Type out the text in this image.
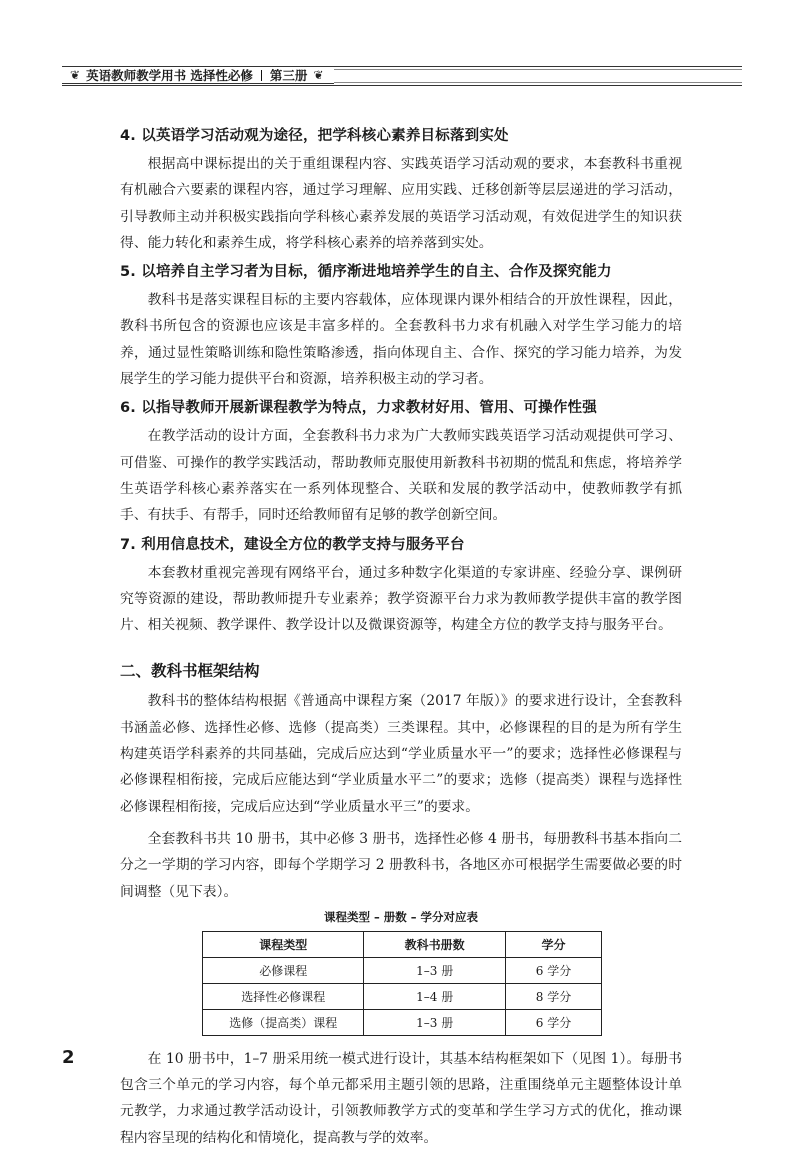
❦ 英语教师教学用书 选择性必修 第三册 ❦
4. 以英语学习活动观为途径，把学科核心素养目标落到实处

根据高中课标提出的关于重组课程内容、实践英语学习活动观的要求，本套教科书重视有机融合六要素的课程内容，通过学习理解、应用实践、迁移创新等层层递进的学习活动，引导教师主动并积极实践指向学科核心素养发展的英语学习活动观，有效促进学生的知识获得、能力转化和素养生成，将学科核心素养的培养落到实处。

5. 以培养自主学习者为目标，循序渐进地培养学生的自主、合作及探究能力

教科书是落实课程目标的主要内容载体，应体现课内课外相结合的开放性课程，因此，教科书所包含的资源也应该是丰富多样的。全套教科书力求有机融入对学生学习能力的培养，通过显性策略训练和隐性策略渗透，指向体现自主、合作、探究的学习能力培养，为发展学生的学习能力提供平台和资源，培养积极主动的学习者。

6. 以指导教师开展新课程教学为特点，力求教材好用、管用、可操作性强

在教学活动的设计方面，全套教科书力求为广大教师实践英语学习活动观提供可学习、可借鉴、可操作的教学实践活动，帮助教师克服使用新教科书初期的慌乱和焦虑，将培养学生英语学科核心素养落实在一系列体现整合、关联和发展的教学活动中，使教师教学有抓手、有扶手、有帮手，同时还给教师留有足够的教学创新空间。

7. 利用信息技术，建设全方位的教学支持与服务平台

本套教材重视完善现有网络平台，通过多种数字化渠道的专家讲座、经验分享、课例研究等资源的建设，帮助教师提升专业素养；教学资源平台力求为教师教学提供丰富的教学图片、相关视频、教学课件、教学设计以及微课资源等，构建全方位的教学支持与服务平台。

二、教科书框架结构

教科书的整体结构根据《普通高中课程方案（2017 年版）》的要求进行设计，全套教科书涵盖必修、选择性必修、选修（提高类）三类课程。其中，必修课程的目的是为所有学生构建英语学科素养的共同基础，完成后应达到“学业质量水平一”的要求；选择性必修课程与必修课程相衔接，完成后应能达到“学业质量水平二”的要求；选修（提高类）课程与选择性必修课程相衔接，完成后应达到“学业质量水平三”的要求。

全套教科书共 10 册书，其中必修 3 册书，选择性必修 4 册书，每册教科书基本指向二分之一学期的学习内容，即每个学期学习 2 册教科书，各地区亦可根据学生需要做必要的时间调整（见下表）。

课程类型 – 册数 – 学分对应表
课程类型	教科书册数	学分
必修课程	1–3 册	6 学分
选择性必修课程	1–4 册	8 学分
选修（提高类）课程	1–3 册	6 学分

在 10 册书中，1–7 册采用统一模式进行设计，其基本结构框架如下（见图 1）。每册书包含三个单元的学习内容，每个单元都采用主题引领的思路，注重围绕单元主题整体设计单元教学，力求通过教学活动设计，引领教师教学方式的变革和学生学习方式的优化，推动课程内容呈现的结构化和情境化，提高教与学的效率。

2
